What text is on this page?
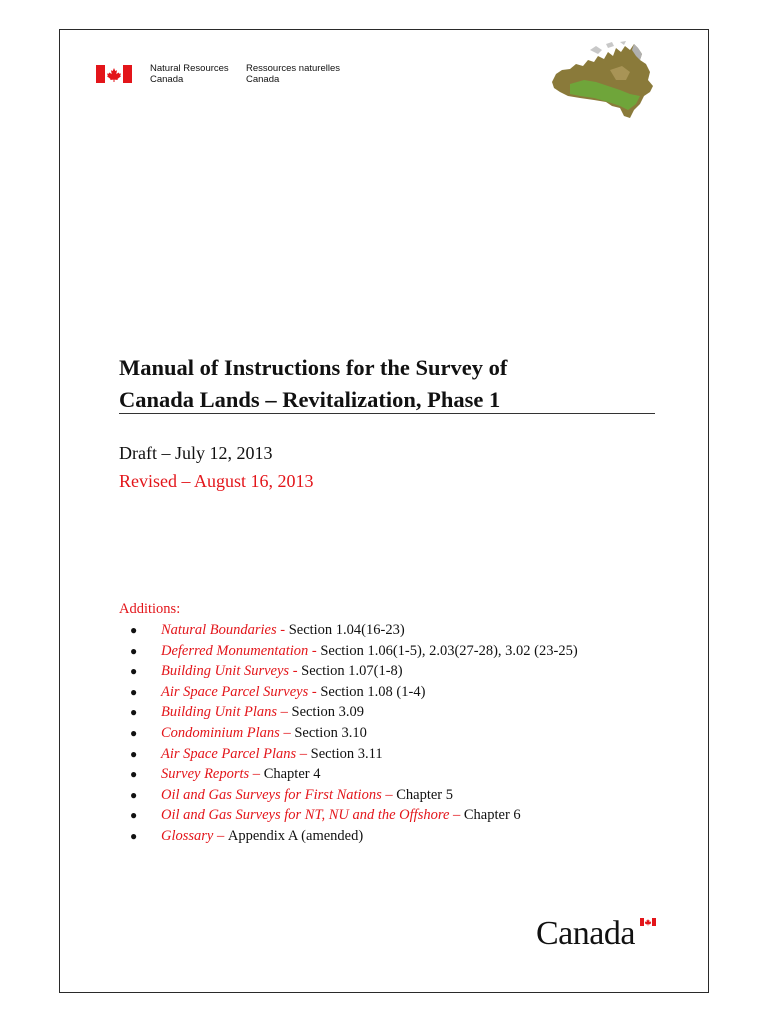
Natural Resources
Canada
Ressources naturelles
Canada
Manual of Instructions for the Survey of
Canada Lands – Revitalization, Phase 1
Draft – July 12, 2013
Revised – August 16, 2013
Additions:
● Natural Boundaries - Section 1.04(16-23)
● Deferred Monumentation - Section 1.06(1-5), 2.03(27-28), 3.02 (23-25)
● Building Unit Surveys - Section 1.07(1-8)
● Air Space Parcel Surveys - Section 1.08 (1-4)
● Building Unit Plans – Section 3.09
● Condominium Plans – Section 3.10
● Air Space Parcel Plans – Section 3.11
● Survey Reports – Chapter 4
● Oil and Gas Surveys for First Nations – Chapter 5
● Oil and Gas Surveys for NT, NU and the Offshore – Chapter 6
● Glossary – Appendix A (amended)
Canada
